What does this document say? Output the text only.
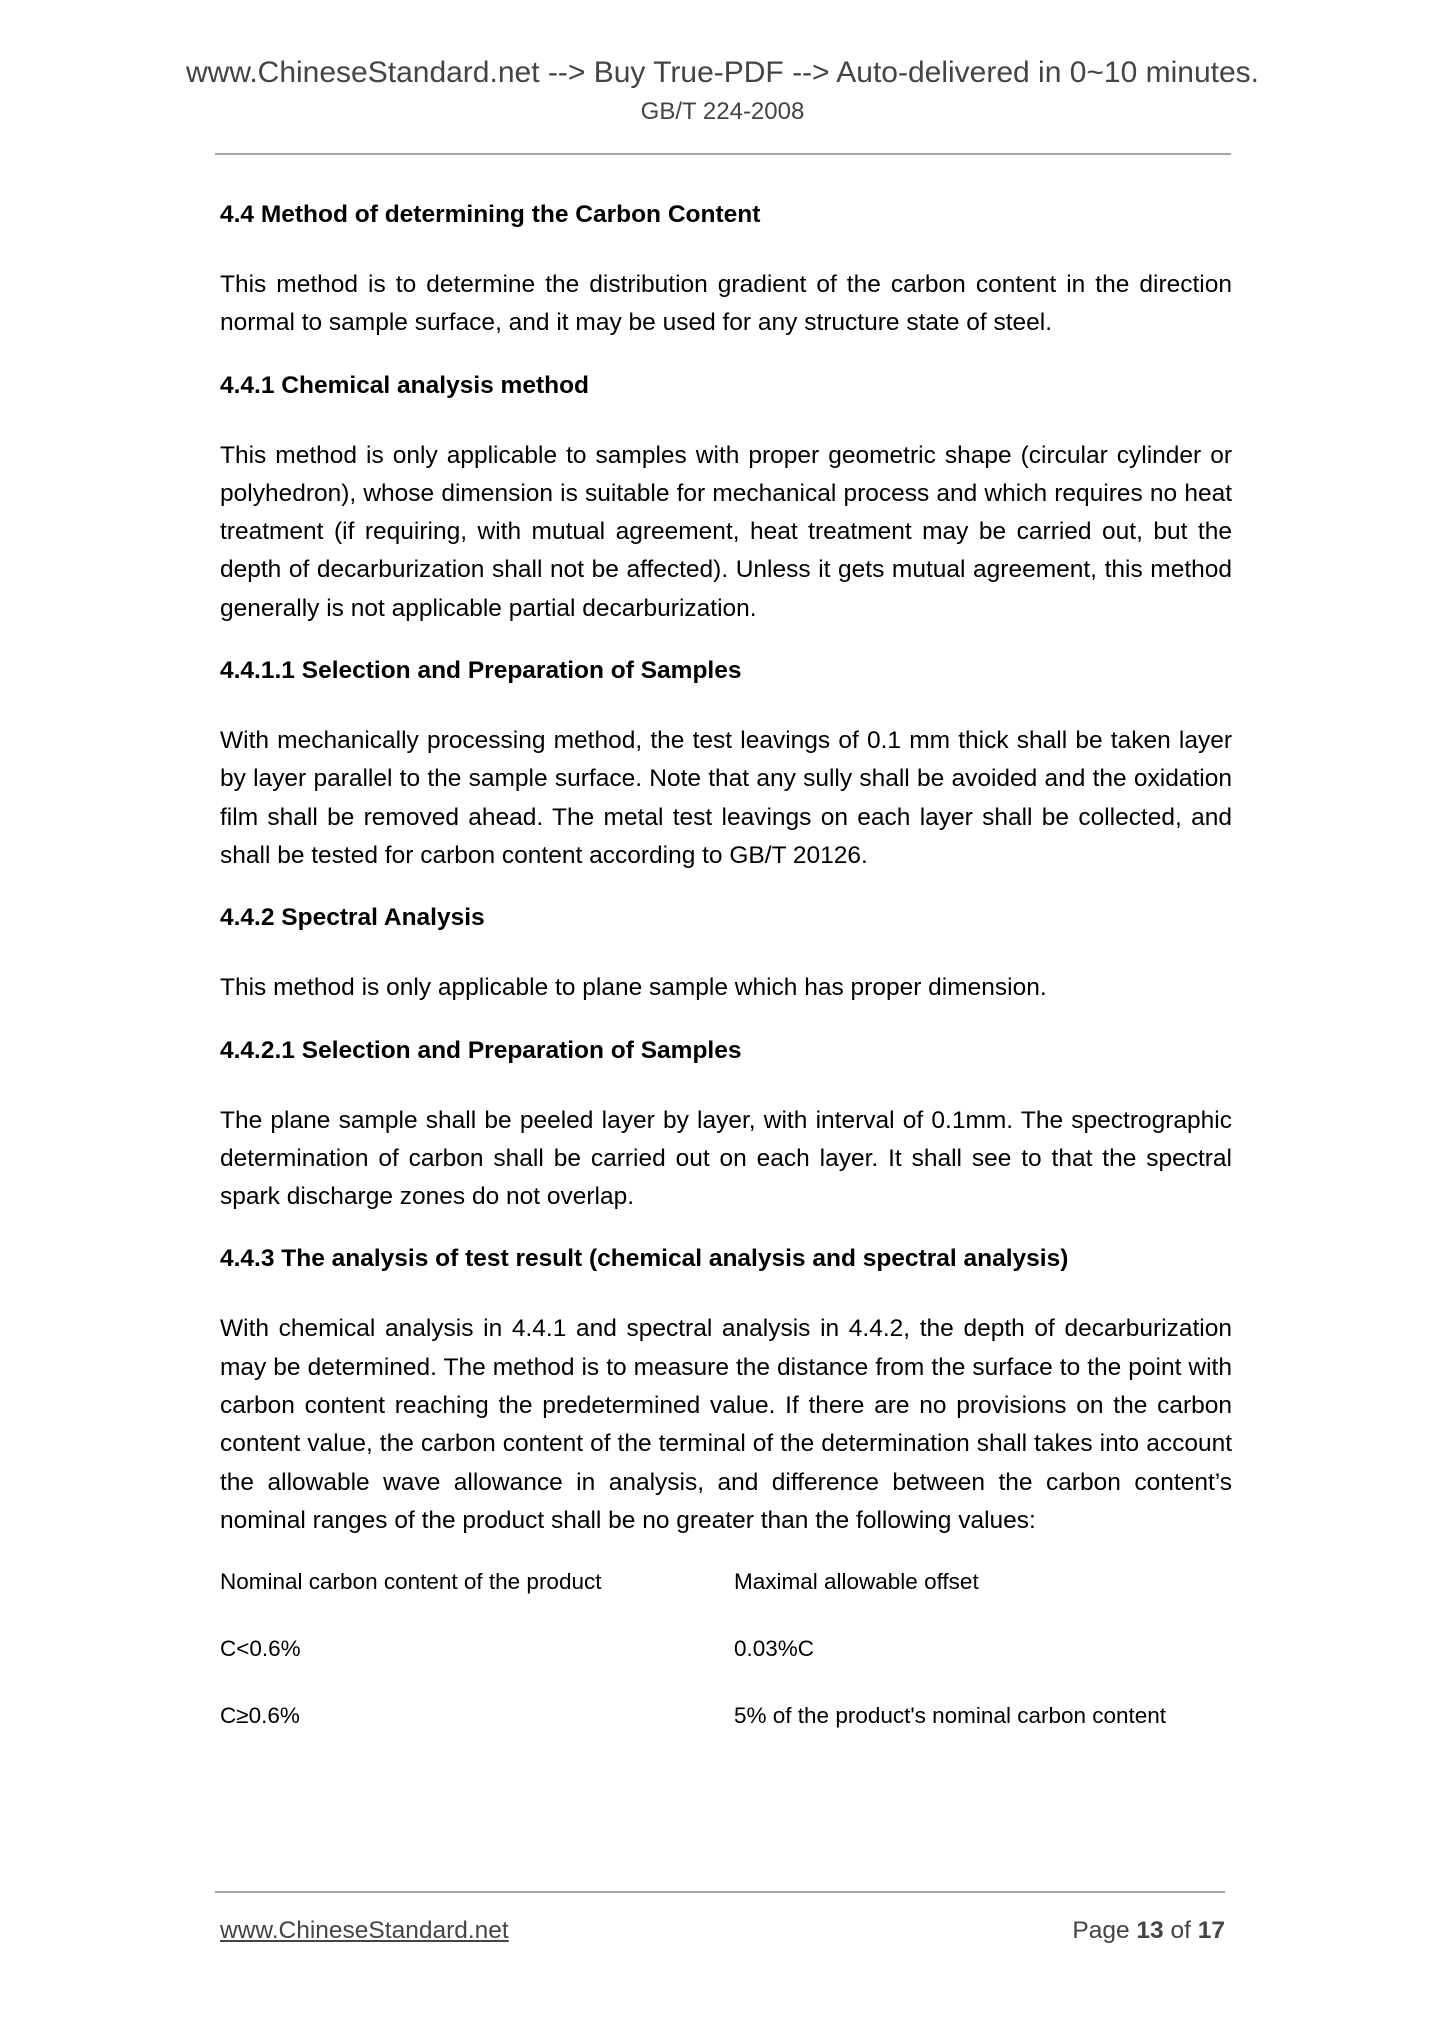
www.ChineseStandard.net --> Buy True-PDF --> Auto-delivered in 0~10 minutes.
GB/T 224-2008
4.4 Method of determining the Carbon Content

This method is to determine the distribution gradient of the carbon content in the direction normal to sample surface, and it may be used for any structure state of steel.

4.4.1 Chemical analysis method

This method is only applicable to samples with proper geometric shape (circular cylinder or polyhedron), whose dimension is suitable for mechanical process and which requires no heat treatment (if requiring, with mutual agreement, heat treatment may be carried out, but the depth of decarburization shall not be affected). Unless it gets mutual agreement, this method generally is not applicable partial decarburization.

4.4.1.1 Selection and Preparation of Samples

With mechanically processing method, the test leavings of 0.1 mm thick shall be taken layer by layer parallel to the sample surface. Note that any sully shall be avoided and the oxidation film shall be removed ahead. The metal test leavings on each layer shall be collected, and shall be tested for carbon content according to GB/T 20126.

4.4.2 Spectral Analysis

This method is only applicable to plane sample which has proper dimension.

4.4.2.1 Selection and Preparation of Samples

The plane sample shall be peeled layer by layer, with interval of 0.1mm. The spectrographic determination of carbon shall be carried out on each layer. It shall see to that the spectral spark discharge zones do not overlap.

4.4.3 The analysis of test result (chemical analysis and spectral analysis)

With chemical analysis in 4.4.1 and spectral analysis in 4.4.2, the depth of decarburization may be determined. The method is to measure the distance from the surface to the point with carbon content reaching the predetermined value. If there are no provisions on the carbon content value, the carbon content of the terminal of the determination shall takes into account the allowable wave allowance in analysis, and difference between the carbon content’s nominal ranges of the product shall be no greater than the following values:

Nominal carbon content of the product	Maximal allowable offset
C<0.6%	0.03%C
C≥0.6%	5% of the product's nominal carbon content
www.ChineseStandard.net	Page 13 of 17
